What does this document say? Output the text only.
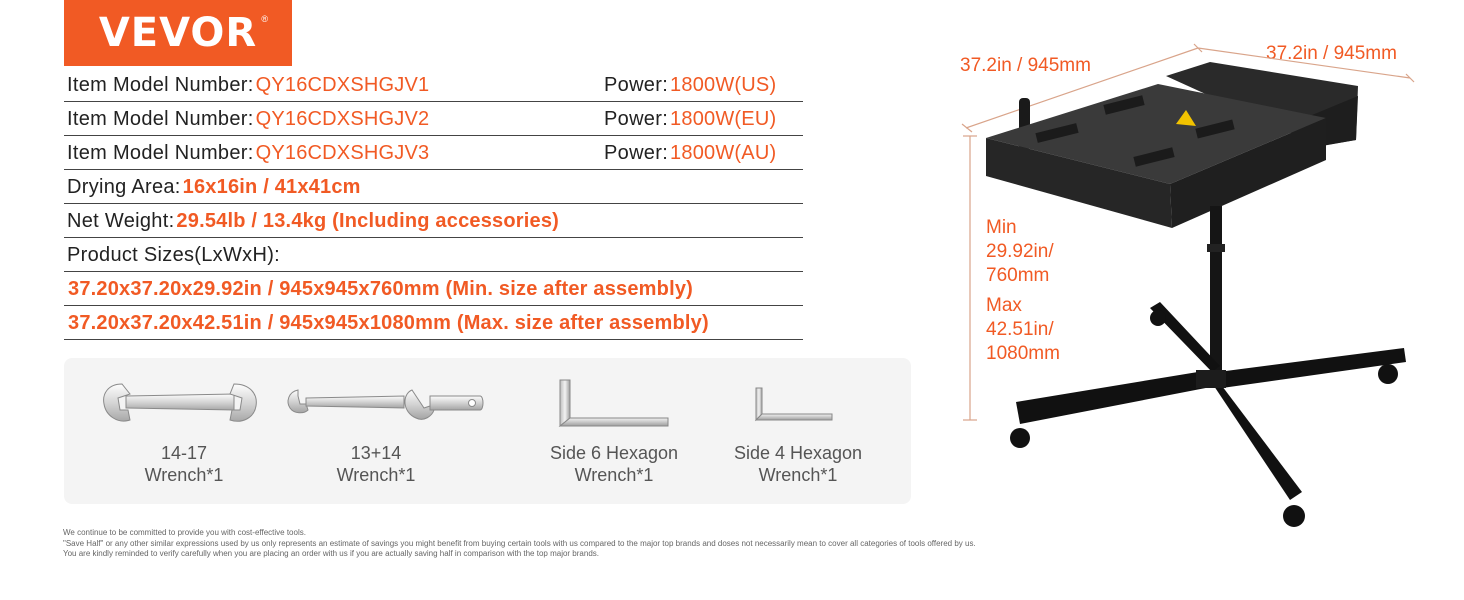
VEVOR ®
Item Model Number: QY16CDXSHGJV1	Power: 1800W(US)
Item Model Number: QY16CDXSHGJV2	Power: 1800W(EU)
Item Model Number: QY16CDXSHGJV3	Power: 1800W(AU)
Drying Area: 16x16in / 41x41cm
Net Weight: 29.54lb / 13.4kg (Including accessories)
Product Sizes(LxWxH):
37.20x37.20x29.92in / 945x945x760mm (Min. size after assembly)
37.20x37.20x42.51in / 945x945x1080mm (Max. size after assembly)
14-17
Wrench*1
13+14
Wrench*1
Side 6 Hexagon
Wrench*1
Side 4 Hexagon
Wrench*1
We continue to be committed to provide you with cost-effective tools.
"Save Half" or any other similar expressions used by us only represents an estimate of savings you might benefit from buying certain tools with us compared to the major top brands and doses not necessarily mean to cover all categories of tools offered by us.
You are kindly reminded to verify carefully when you are placing an order with us if you are actually saving half in comparison with the top major brands.
37.2in / 945mm
37.2in / 945mm
Min
29.92in/
760mm
Max
42.51in/
1080mm
